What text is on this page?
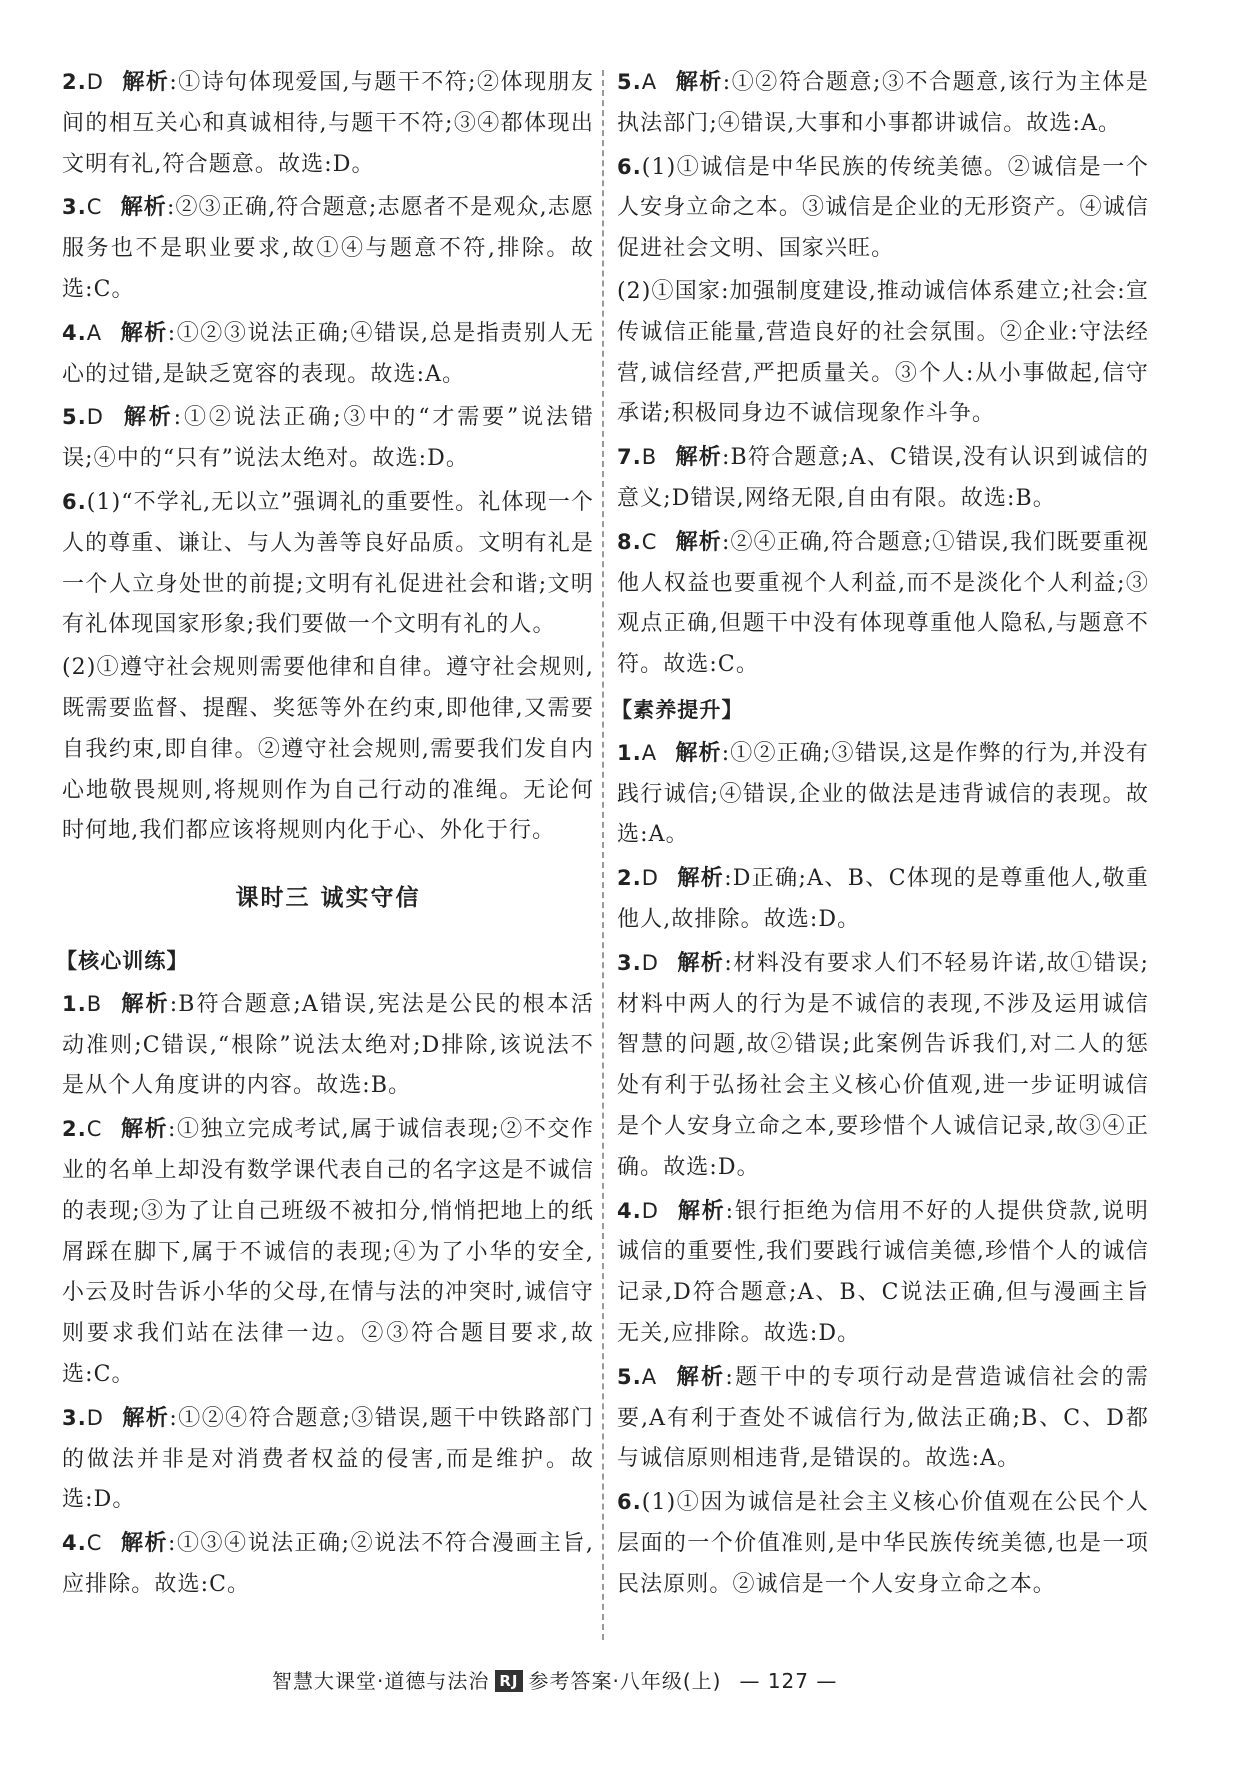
2.D 解析:①诗句体现爱国,与题干不符;②体现朋友间的相互关心和真诚相待,与题干不符;③④都体现出文明有礼,符合题意。故选:D。
3.C 解析:②③正确,符合题意;志愿者不是观众,志愿服务也不是职业要求,故①④与题意不符,排除。故选:C。
4.A 解析:①②③说法正确;④错误,总是指责别人无心的过错,是缺乏宽容的表现。故选:A。
5.D 解析:①②说法正确;③中的“才需要”说法错误;④中的“只有”说法太绝对。故选:D。
6.(1)“不学礼,无以立”强调礼的重要性。礼体现一个人的尊重、谦让、与人为善等良好品质。文明有礼是一个人立身处世的前提;文明有礼促进社会和谐;文明有礼体现国家形象;我们要做一个文明有礼的人。
(2)①遵守社会规则需要他律和自律。遵守社会规则,既需要监督、提醒、奖惩等外在约束,即他律,又需要自我约束,即自律。②遵守社会规则,需要我们发自内心地敬畏规则,将规则作为自己行动的准绳。无论何时何地,我们都应该将规则内化于心、外化于行。
课时三 诚实守信
【核心训练】
1.B 解析:B符合题意;A错误,宪法是公民的根本活动准则;C错误,“根除”说法太绝对;D排除,该说法不是从个人角度讲的内容。故选:B。
2.C 解析:①独立完成考试,属于诚信表现;②不交作业的名单上却没有数学课代表自己的名字这是不诚信的表现;③为了让自己班级不被扣分,悄悄把地上的纸屑踩在脚下,属于不诚信的表现;④为了小华的安全,小云及时告诉小华的父母,在情与法的冲突时,诚信守则要求我们站在法律一边。②③符合题目要求,故选:C。
3.D 解析:①②④符合题意;③错误,题干中铁路部门的做法并非是对消费者权益的侵害,而是维护。故选:D。
4.C 解析:①③④说法正确;②说法不符合漫画主旨,应排除。故选:C。
5.A 解析:①②符合题意;③不合题意,该行为主体是执法部门;④错误,大事和小事都讲诚信。故选:A。
6.(1)①诚信是中华民族的传统美德。②诚信是一个人安身立命之本。③诚信是企业的无形资产。④诚信促进社会文明、国家兴旺。
(2)①国家:加强制度建设,推动诚信体系建立;社会:宣传诚信正能量,营造良好的社会氛围。②企业:守法经营,诚信经营,严把质量关。③个人:从小事做起,信守承诺;积极同身边不诚信现象作斗争。
7.B 解析:B符合题意;A、C错误,没有认识到诚信的意义;D错误,网络无限,自由有限。故选:B。
8.C 解析:②④正确,符合题意;①错误,我们既要重视他人权益也要重视个人利益,而不是淡化个人利益;③观点正确,但题干中没有体现尊重他人隐私,与题意不符。故选:C。
【素养提升】
1.A 解析:①②正确;③错误,这是作弊的行为,并没有践行诚信;④错误,企业的做法是违背诚信的表现。故选:A。
2.D 解析:D正确;A、B、C体现的是尊重他人,敬重他人,故排除。故选:D。
3.D 解析:材料没有要求人们不轻易许诺,故①错误;材料中两人的行为是不诚信的表现,不涉及运用诚信智慧的问题,故②错误;此案例告诉我们,对二人的惩处有利于弘扬社会主义核心价值观,进一步证明诚信是个人安身立命之本,要珍惜个人诚信记录,故③④正确。故选:D。
4.D 解析:银行拒绝为信用不好的人提供贷款,说明诚信的重要性,我们要践行诚信美德,珍惜个人的诚信记录,D符合题意;A、B、C说法正确,但与漫画主旨无关,应排除。故选:D。
5.A 解析:题干中的专项行动是营造诚信社会的需要,A有利于查处不诚信行为,做法正确;B、C、D都与诚信原则相违背,是错误的。故选:A。
6.(1)①因为诚信是社会主义核心价值观在公民个人层面的一个价值准则,是中华民族传统美德,也是一项民法原则。②诚信是一个人安身立命之本。
智慧大课堂·道德与法治 RJ 参考答案·八年级(上) — 127 —
